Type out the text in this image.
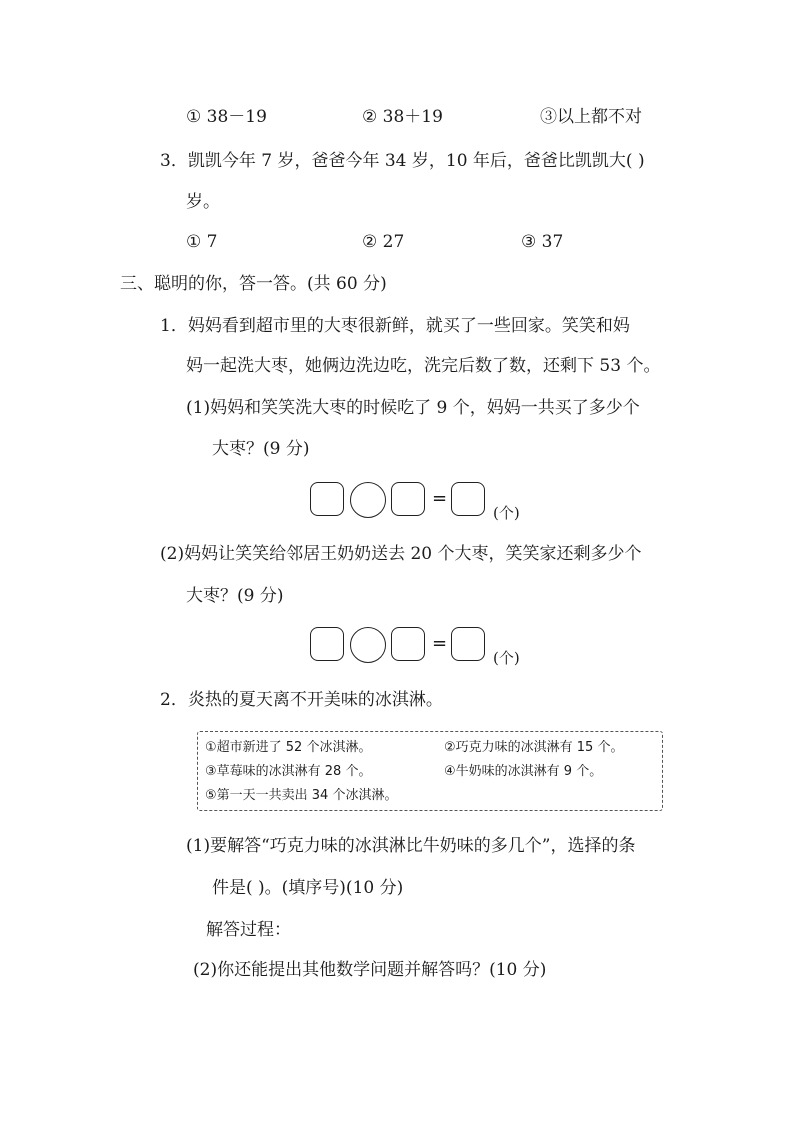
① 38－19	② 38＋19	③以上都不对
3．凯凯今年 7 岁，爸爸今年 34 岁，10 年后，爸爸比凯凯大( )
岁。
① 7	② 27	③ 37
三、聪明的你，答一答。(共 60 分)
1．妈妈看到超市里的大枣很新鲜，就买了一些回家。笑笑和妈
妈一起洗大枣，她俩边洗边吃，洗完后数了数，还剩下 53 个。
(1)妈妈和笑笑洗大枣的时候吃了 9 个，妈妈一共买了多少个
大枣？(9 分)
=
(个)
(2)妈妈让笑笑给邻居王奶奶送去 20 个大枣，笑笑家还剩多少个
大枣？(9 分)
=
(个)
2．炎热的夏天离不开美味的冰淇淋。
①超市新进了 52 个冰淇淋。	②巧克力味的冰淇淋有 15 个。
③草莓味的冰淇淋有 28 个。	④牛奶味的冰淇淋有 9 个。
⑤第一天一共卖出 34 个冰淇淋。
(1)要解答“巧克力味的冰淇淋比牛奶味的多几个”，选择的条
件是( )。(填序号)(10 分)
解答过程：
(2)你还能提出其他数学问题并解答吗？(10 分)
